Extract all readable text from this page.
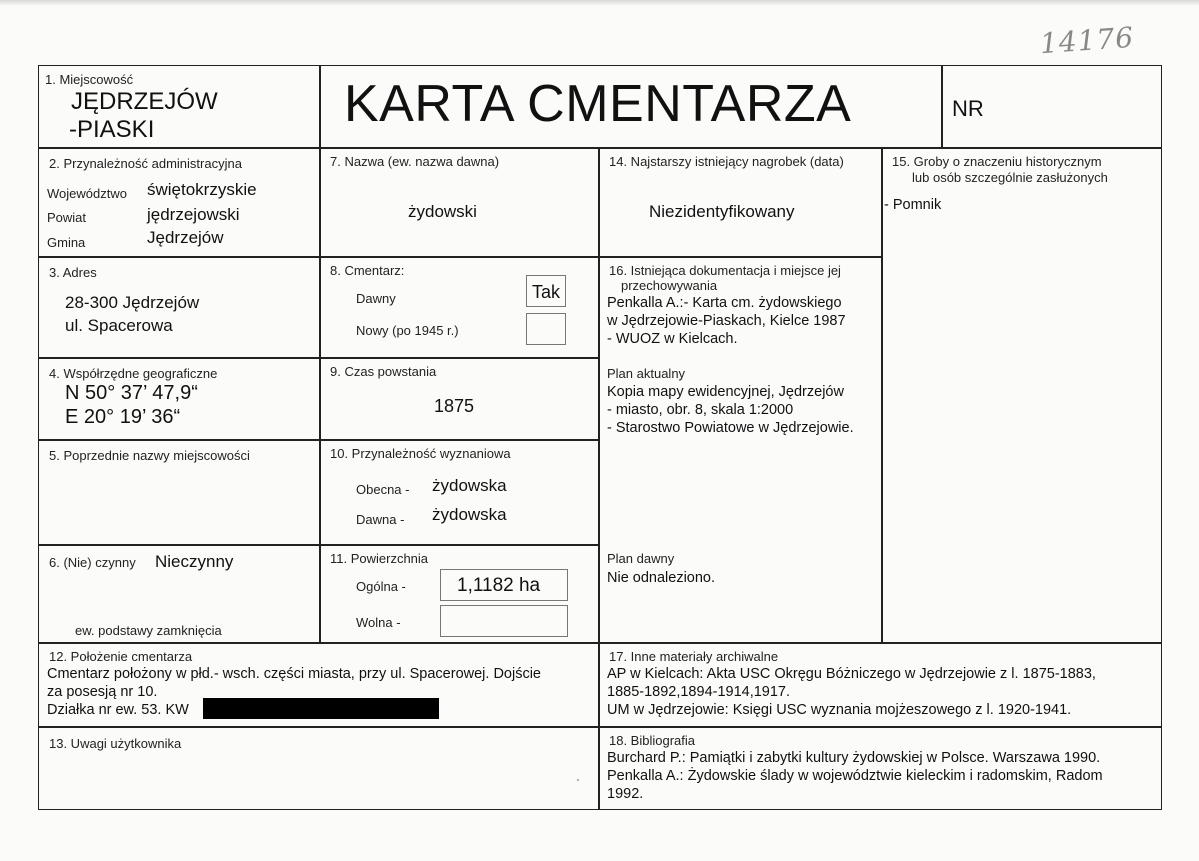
14176
1. Miejscowość
JĘDRZEJÓW
-PIASKI	KARTA CMENTARZA	NR
2. Przynależność administracyjna
Województwo świętokrzyskie
Powiat	jędrzejowski
Gmina	Jędrzejów
3. Adres
28-300 Jędrzejów
ul. Spacerowa
4. Współrzędne geograficzne
N 50° 37’ 47,9“
E 20° 19’ 36“
5. Poprzednie nazwy miejscowości
6. (Nie) czynny Nieczynny
ew. podstawy zamknięcia
7. Nazwa (ew. nazwa dawna)
żydowski
8. Cmentarz:
Dawny	Tak
Nowy (po 1945 r.)
9. Czas powstania
1875
10. Przynależność wyznaniowa
Obecna - żydowska
Dawna - żydowska
11. Powierzchnia
Ogólna -	1,1182 ha
Wolna -
14. Najstarszy istniejący nagrobek (data)
Niezidentyfikowany
15. Groby o znaczeniu historycznym
lub osób szczególnie zasłużonych
- Pomnik
16. Istniejąca dokumentacja i miejsce jej
przechowywania
Penkalla A.:- Karta cm. żydowskiego
w Jędrzejowie-Piaskach, Kielce 1987
- WUOZ w Kielcach.
Plan aktualny
Kopia mapy ewidencyjnej, Jędrzejów
- miasto, obr. 8, skala 1:2000
- Starostwo Powiatowe w Jędrzejowie.
Plan dawny
Nie odnaleziono.
12. Położenie cmentarza
Cmentarz położony w płd.- wsch. części miasta, przy ul. Spacerowej. Dojście
za posesją nr 10.
Działka nr ew. 53. KW
17. Inne materiały archiwalne
AP w Kielcach: Akta USC Okręgu Bóżniczego w Jędrzejowie z l. 1875-1883,
1885-1892,1894-1914,1917.
UM w Jędrzejowie: Księgi USC wyznania mojżeszowego z l. 1920-1941.
13. Uwagi użytkownika	18. Bibliografia
Burchard P.: Pamiątki i zabytki kultury żydowskiej w Polsce. Warszawa 1990.
Penkalla A.: Żydowskie ślady w województwie kieleckim i radomskim, Radom
1992.
